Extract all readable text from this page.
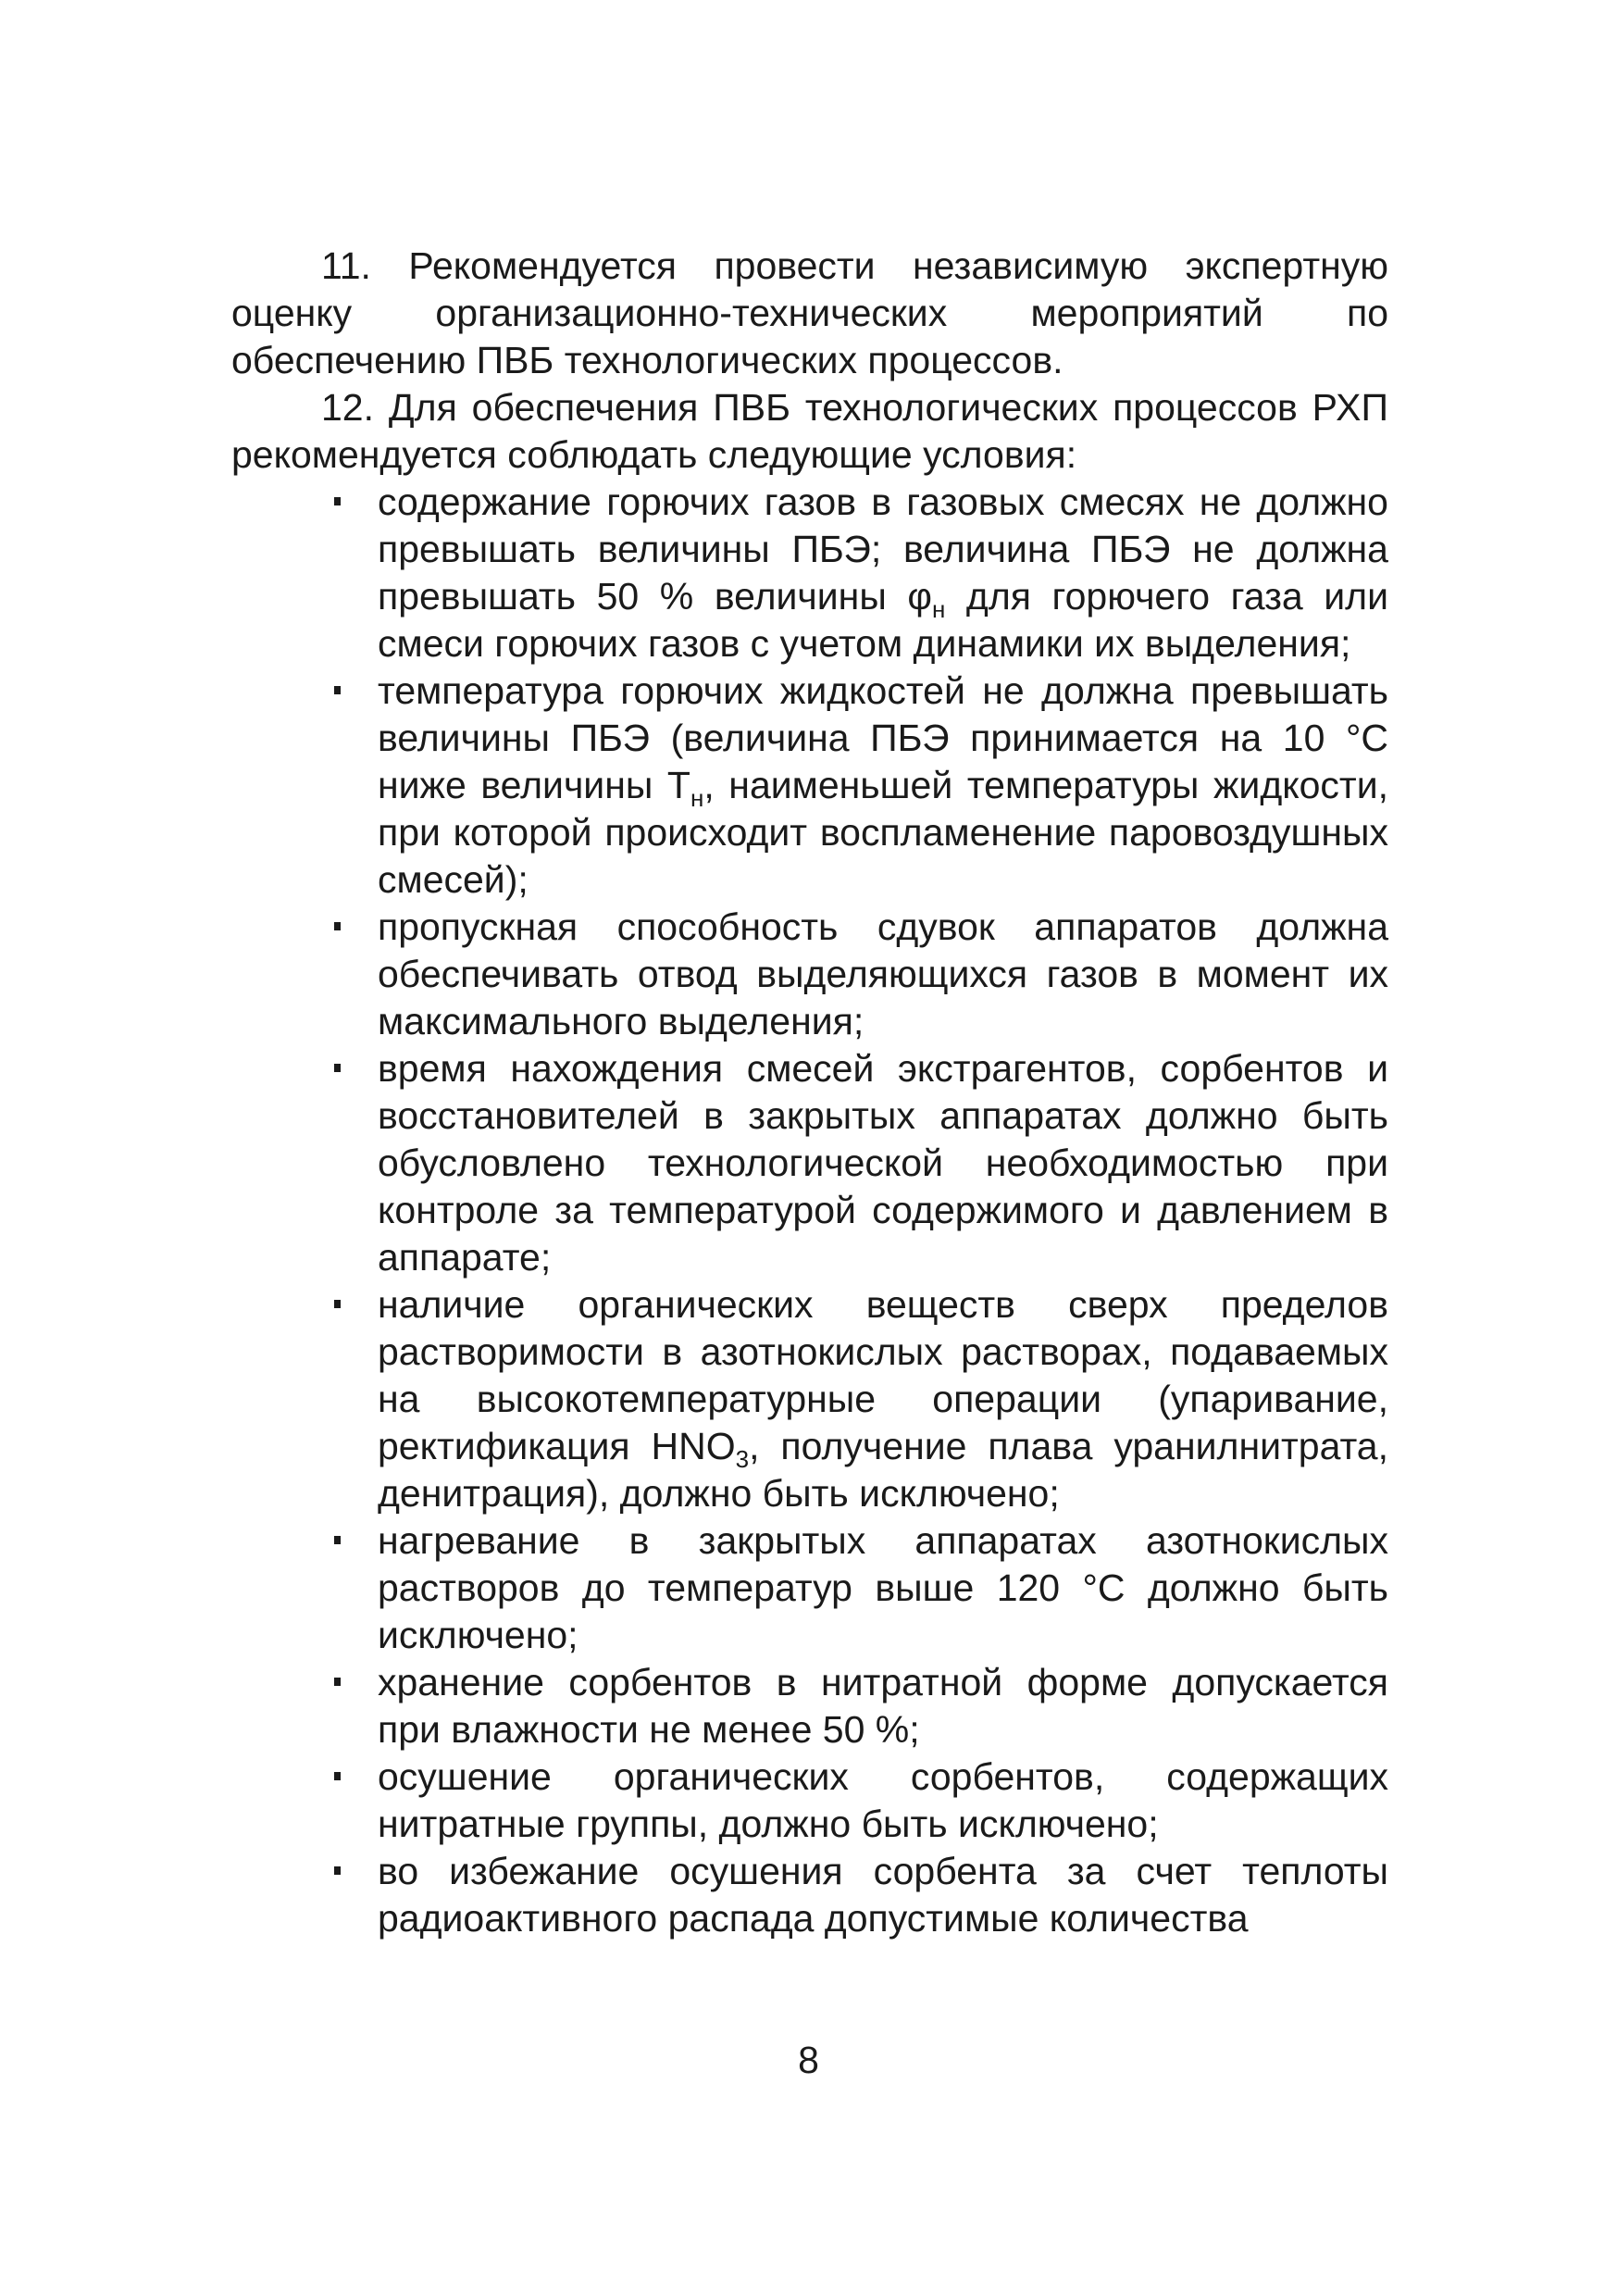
11. Рекомендуется провести независимую экспертную оценку организационно-технических мероприятий по обеспечению ПВБ технологических процессов.

12. Для обеспечения ПВБ технологических процессов РХП рекомендуется соблюдать следующие условия:

содержание горючих газов в газовых смесях не должно превышать величины ПБЭ; величина ПБЭ не должна превышать 50 % величины $\varphi_н$ для горючего газа или смеси горючих газов с учетом динамики их выделения;
температура горючих жидкостей не должна превышать величины ПБЭ (величина ПБЭ принимается на 10 °С ниже величины $T_н$, наименьшей температуры жидкости, при которой происходит воспламенение паровоздушных смесей);
пропускная способность сдувок аппаратов должна обеспечивать отвод выделяющихся газов в момент их максимального выделения;
время нахождения смесей экстрагентов, сорбентов и восстановителей в закрытых аппаратах должно быть обусловлено технологической необходимостью при контроле за температурой содержимого и давлением в аппарате;
наличие органических веществ сверх пределов растворимости в азотнокислых растворах, подаваемых на высокотемпературные операции (упаривание, ректификация $HNO_3$, получение плава уранилнитрата, денитрация), должно быть исключено;
нагревание в закрытых аппаратах азотнокислых растворов до температур выше 120 °С должно быть исключено;
хранение сорбентов в нитратной форме допускается при влажности не менее 50 %;
осушение органических сорбентов, содержащих нитратные группы, должно быть исключено;
во избежание осушения сорбента за счет теплоты радиоактивного распада допустимые количества
8
